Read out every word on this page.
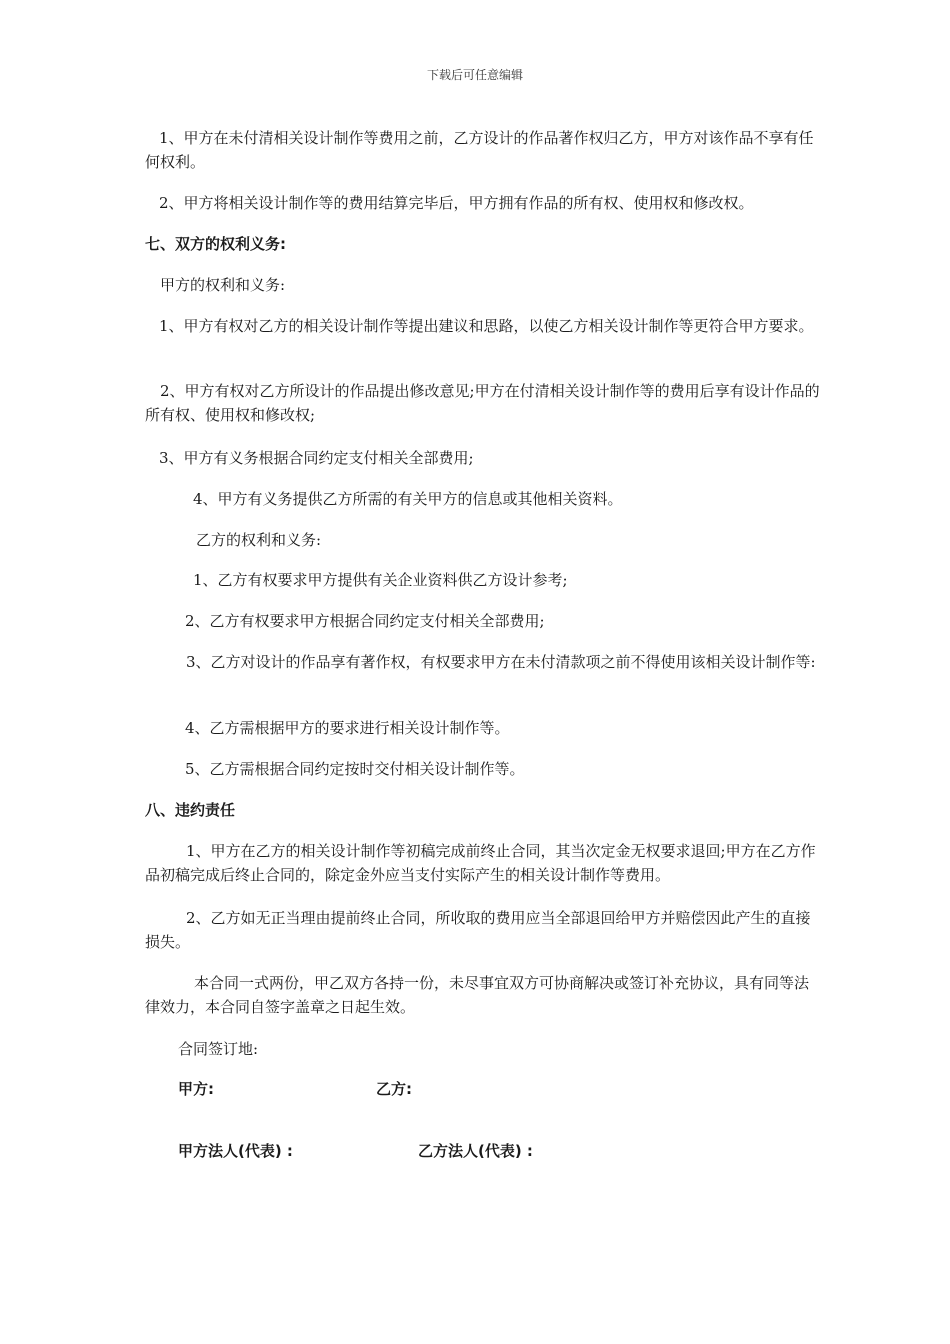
下载后可任意编辑

1、甲方在未付清相关设计制作等费用之前，乙方设计的作品著作权归乙方，甲方对该作品不享有任何权利。

2、甲方将相关设计制作等的费用结算完毕后，甲方拥有作品的所有权、使用权和修改权。

七、双方的权利义务:

甲方的权利和义务:

1、甲方有权对乙方的相关设计制作等提出建议和思路，以使乙方相关设计制作等更符合甲方要求。

2、甲方有权对乙方所设计的作品提出修改意见;甲方在付清相关设计制作等的费用后享有设计作品的所有权、使用权和修改权;

3、甲方有义务根据合同约定支付相关全部费用;

4、甲方有义务提供乙方所需的有关甲方的信息或其他相关资料。

乙方的权利和义务:

1、乙方有权要求甲方提供有关企业资料供乙方设计参考;

2、乙方有权要求甲方根据合同约定支付相关全部费用;

3、乙方对设计的作品享有著作权，有权要求甲方在未付清款项之前不得使用该相关设计制作等:

4、乙方需根据甲方的要求进行相关设计制作等。

5、乙方需根据合同约定按时交付相关设计制作等。

八、违约责任

1、甲方在乙方的相关设计制作等初稿完成前终止合同，其当次定金无权要求退回;甲方在乙方作品初稿完成后终止合同的，除定金外应当支付实际产生的相关设计制作等费用。

2、乙方如无正当理由提前终止合同，所收取的费用应当全部退回给甲方并赔偿因此产生的直接损失。

本合同一式两份，甲乙双方各持一份，未尽事宜双方可协商解决或签订补充协议，具有同等法律效力，本合同自签字盖章之日起生效。

合同签订地:

甲方:	乙方:
甲方法人(代表) :	乙方法人(代表) :
